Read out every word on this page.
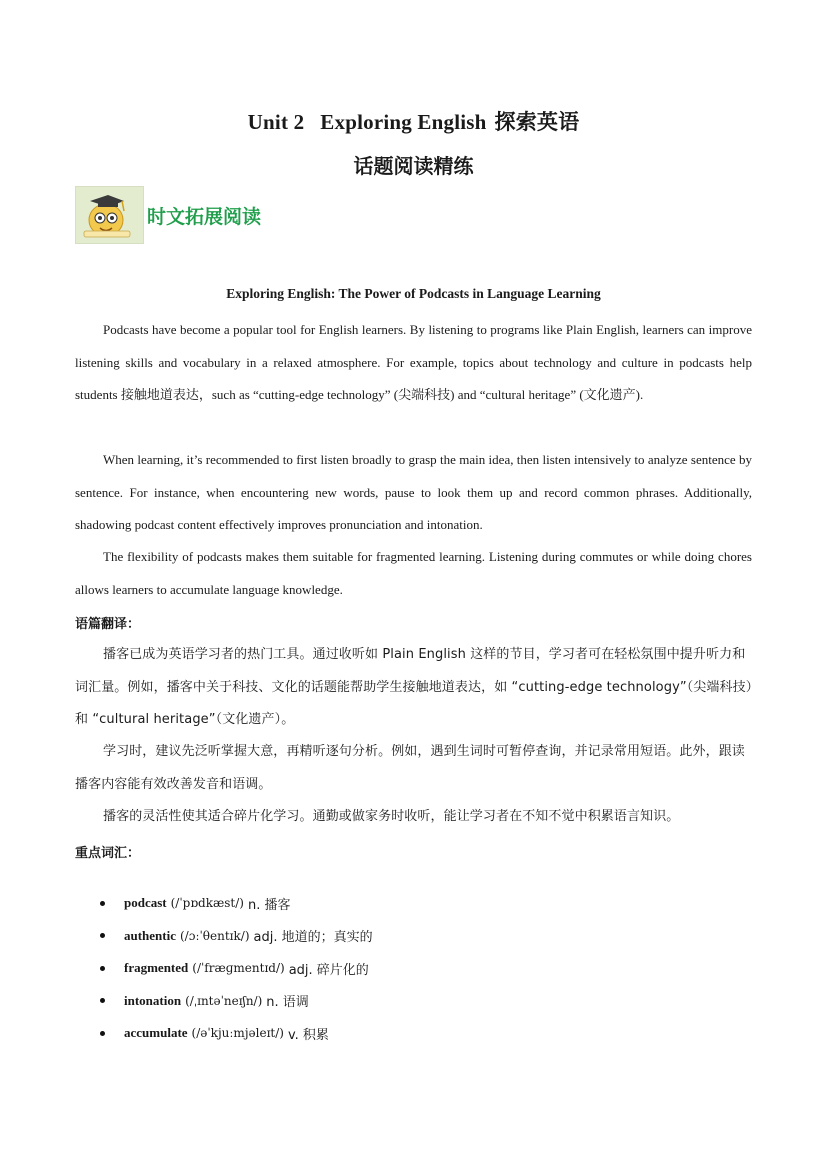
Unit 2 Exploring English 探索英语
话题阅读精练
时文拓展阅读
Exploring English: The Power of Podcasts in Language Learning

Podcasts have become a popular tool for English learners. By listening to programs like Plain English, learners can improve listening skills and vocabulary in a relaxed atmosphere. For example, topics about technology and culture in podcasts help students 接触地道表达，such as “cutting-edge technology” (尖端科技) and “cultural heritage” (文化遗产).

When learning, it’s recommended to first listen broadly to grasp the main idea, then listen intensively to analyze sentence by sentence. For instance, when encountering new words, pause to look them up and record common phrases. Additionally, shadowing podcast content effectively improves pronunciation and intonation.

The flexibility of podcasts makes them suitable for fragmented learning. Listening during commutes or while doing chores allows learners to accumulate language knowledge.

语篇翻译：

播客已成为英语学习者的热门工具。通过收听如 Plain English 这样的节目，学习者可在轻松氛围中提升听力和词汇量。例如，播客中关于科技、文化的话题能帮助学生接触地道表达，如 “cutting-edge technology”（尖端科技）和 “cultural heritage”（文化遗产）。

学习时，建议先泛听掌握大意，再精听逐句分析。例如，遇到生词时可暂停查询，并记录常用短语。此外，跟读播客内容能有效改善发音和语调。

播客的灵活性使其适合碎片化学习。通勤或做家务时收听，能让学习者在不知不觉中积累语言知识。

重点词汇：
podcast (/ˈpɒdkæst/) n. 播客
authentic (/ɔːˈθentɪk/) adj. 地道的；真实的
fragmented (/ˈfræɡmentɪd/) adj. 碎片化的
intonation (/ˌɪntəˈneɪʃn/) n. 语调
accumulate (/əˈkjuːmjəleɪt/) v. 积累
